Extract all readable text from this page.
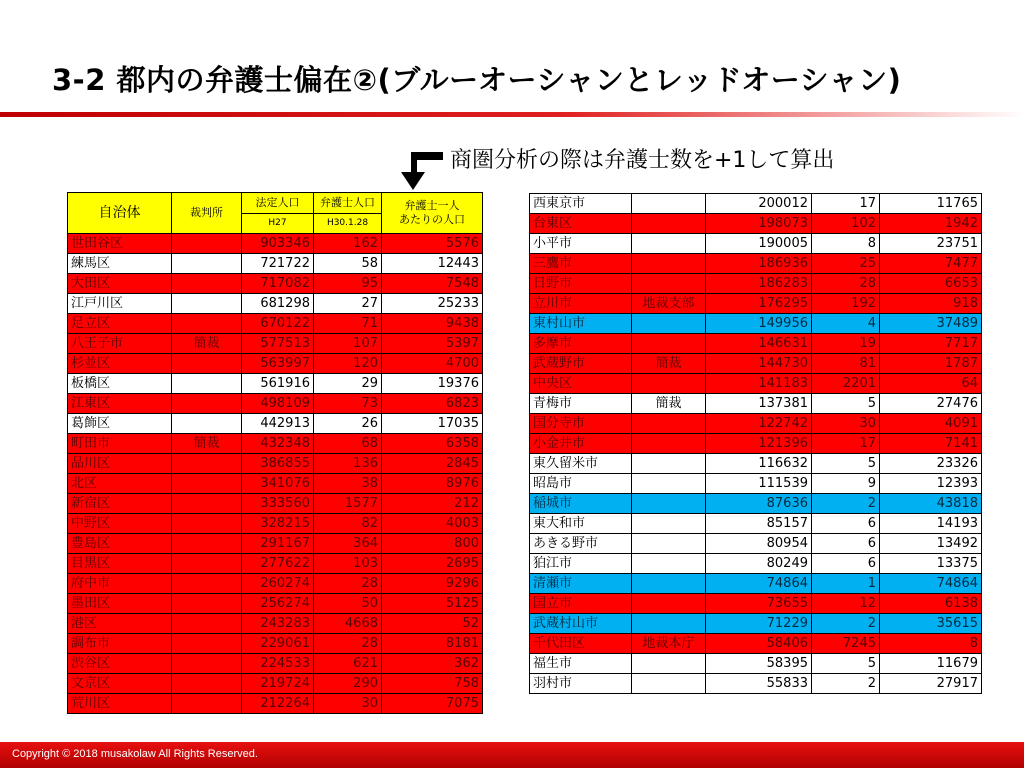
3-2 都内の弁護士偏在②(ブルーオーシャンとレッドオーシャン)
商圏分析の際は弁護士数を+1して算出
自治体	裁判所	法定人口	弁護士人口	弁護士一人
あたりの人口

		H27	H30.1.28	
世田谷区		903346	162	5576
練馬区		721722	58	12443
大田区		717082	95	7548
江戸川区		681298	27	25233
足立区		670122	71	9438
八王子市	簡裁	577513	107	5397
杉並区		563997	120	4700
板橋区		561916	29	19376
江東区		498109	73	6823
葛飾区		442913	26	17035
町田市	簡裁	432348	68	6358
品川区		386855	136	2845
北区		341076	38	8976
新宿区		333560	1577	212
中野区		328215	82	4003
豊島区		291167	364	800
目黒区		277622	103	2695
府中市		260274	28	9296
墨田区		256274	50	5125
港区		243283	4668	52
調布市		229061	28	8181
渋谷区		224533	621	362
文京区		219724	290	758
荒川区		212264	30	7075
西東京市		200012	17	11765
台東区		198073	102	1942
小平市		190005	8	23751
三鷹市		186936	25	7477
日野市		186283	28	6653
立川市	地裁支部	176295	192	918
東村山市		149956	4	37489
多摩市		146631	19	7717
武蔵野市	簡裁	144730	81	1787
中央区		141183	2201	64
青梅市	簡裁	137381	5	27476
国分寺市		122742	30	4091
小金井市		121396	17	7141
東久留米市		116632	5	23326
昭島市		111539	9	12393
稲城市		87636	2	43818
東大和市		85157	6	14193
あきる野市		80954	6	13492
狛江市		80249	6	13375
清瀬市		74864	1	74864
国立市		73655	12	6138
武蔵村山市		71229	2	35615
千代田区	地裁本庁	58406	7245	8
福生市		58395	5	11679
羽村市		55833	2	27917
Copyright © 2018 musakolaw All Rights Reserved.
